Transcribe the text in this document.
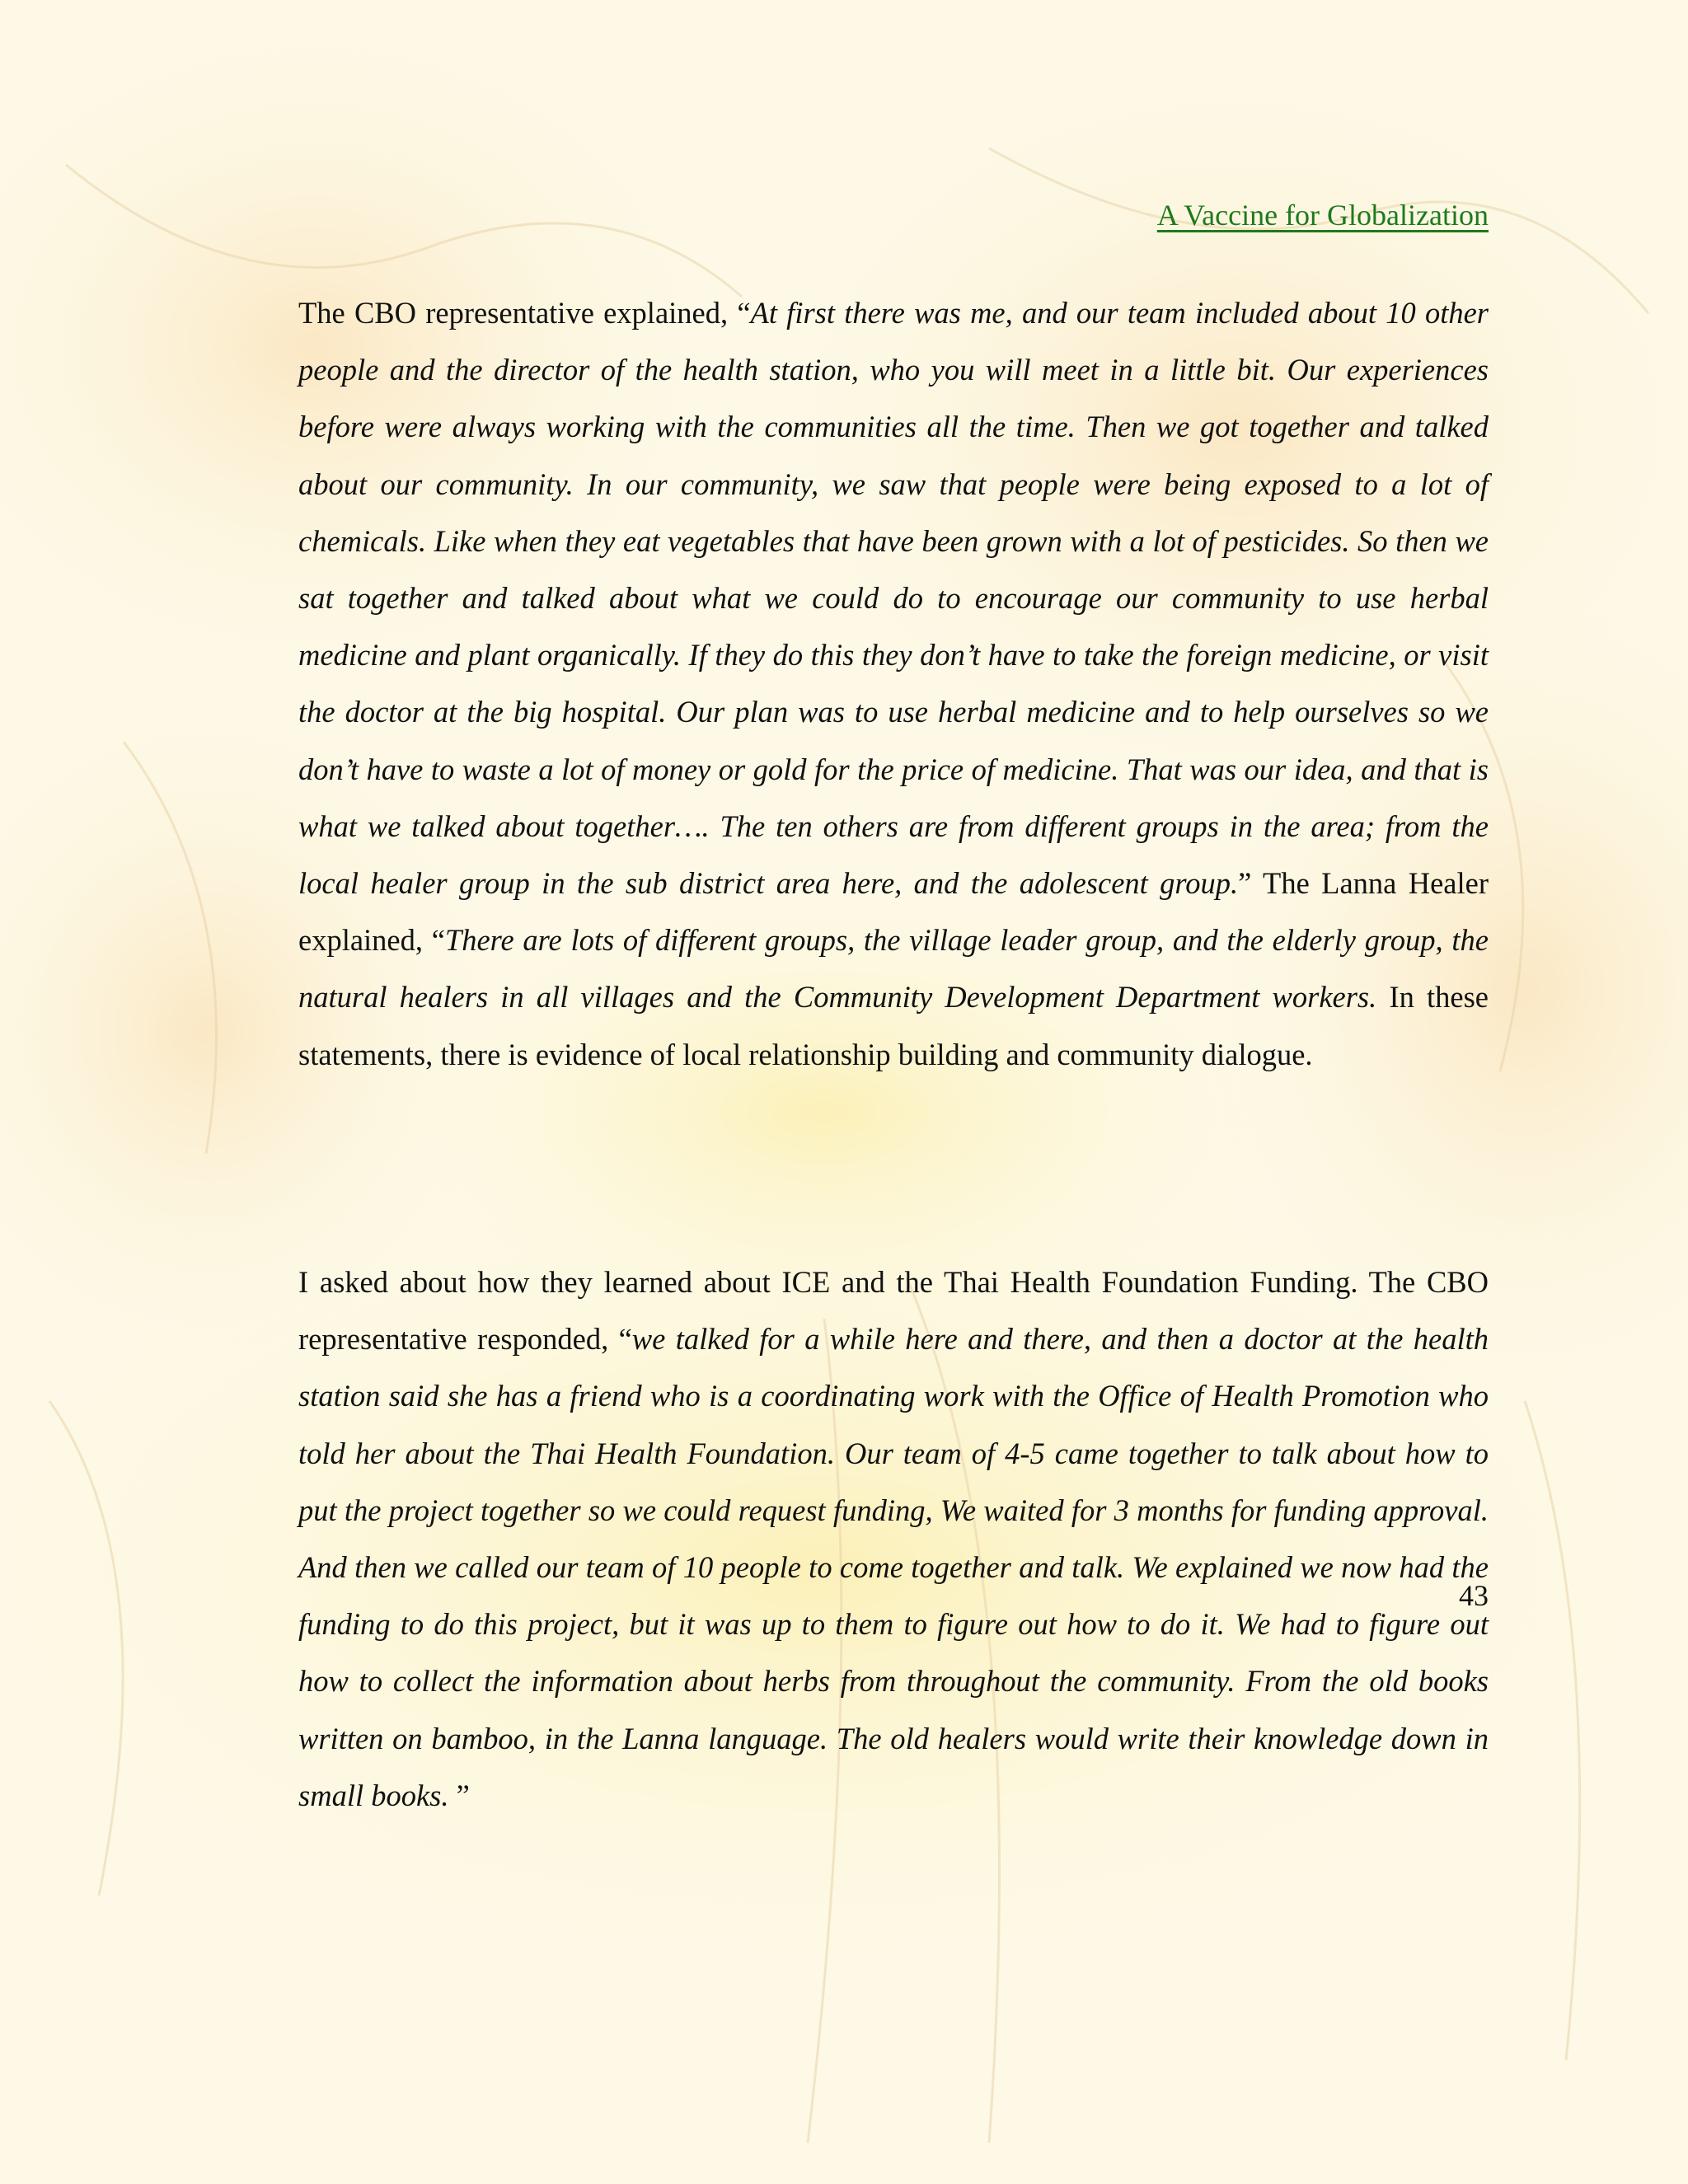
A Vaccine for Globalization
The CBO representative explained, “At first there was me, and our team included about 10 other people and the director of the health station, who you will meet in a little bit. Our experiences before were always working with the communities all the time. Then we got together and talked about our community. In our community, we saw that people were being exposed to a lot of chemicals. Like when they eat vegetables that have been grown with a lot of pesticides. So then we sat together and talked about what we could do to encourage our community to use herbal medicine and plant organically. If they do this they don’t have to take the foreign medicine, or visit the doctor at the big hospital. Our plan was to use herbal medicine and to help ourselves so we don’t have to waste a lot of money or gold for the price of medicine. That was our idea, and that is what we talked about together…. The ten others are from different groups in the area; from the local healer group in the sub district area here, and the adolescent group.” The Lanna Healer explained, “There are lots of different groups, the village leader group, and the elderly group, the natural healers in all villages and the Community Development Department workers. In these statements, there is evidence of local relationship building and community dialogue.
I asked about how they learned about ICE and the Thai Health Foundation Funding. The CBO representative responded, “we talked for a while here and there, and then a doctor at the health station said she has a friend who is a coordinating work with the Office of Health Promotion who told her about the Thai Health Foundation. Our team of 4-5 came together to talk about how to put the project together so we could request funding, We waited for 3 months for funding approval. And then we called our team of 10 people to come together and talk. We explained we now had the funding to do this project, but it was up to them to figure out how to do it. We had to figure out how to collect the information about herbs from throughout the community. From the old books written on bamboo, in the Lanna language. The old healers would write their knowledge down in small books. ”
43
